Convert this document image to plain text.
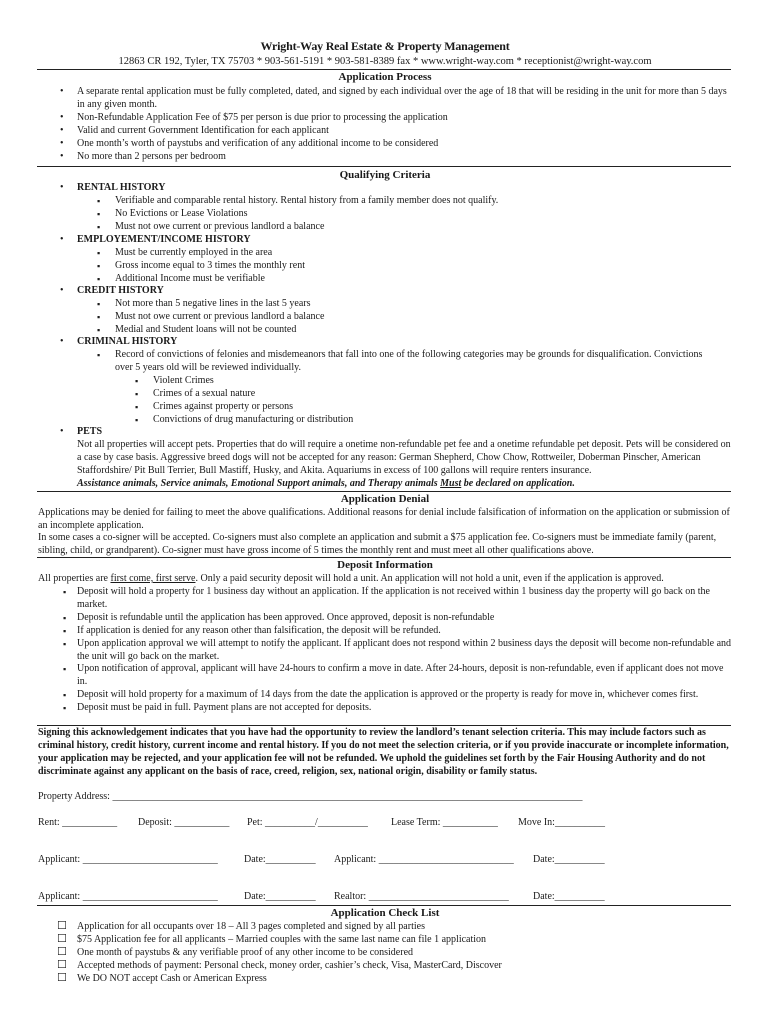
Wright-Way Real Estate & Property Management
12863 CR 192, Tyler, TX 75703 * 903-561-5191 * 903-581-8389 fax * www.wright-way.com * receptionist@wright-way.com
Application Process
• A separate rental application must be fully completed, dated, and signed by each individual over the age of 18 that will be residing in the unit for more than 5 days in any given month.
• Non-Refundable Application Fee of $75 per person is due prior to processing the application
• Valid and current Government Identification for each applicant
• One month’s worth of paystubs and verification of any additional income to be considered
• No more than 2 persons per bedroom
Qualifying Criteria
• RENTAL HISTORY
▪ Verifiable and comparable rental history. Rental history from a family member does not qualify.
▪ No Evictions or Lease Violations
▪ Must not owe current or previous landlord a balance
• EMPLOYEMENT/INCOME HISTORY
▪ Must be currently employed in the area
▪ Gross income equal to 3 times the monthly rent
▪ Additional Income must be verifiable
• CREDIT HISTORY
▪ Not more than 5 negative lines in the last 5 years
▪ Must not owe current or previous landlord a balance
▪ Medial and Student loans will not be counted
• CRIMINAL HISTORY
▪ Record of convictions of felonies and misdemeanors that fall into one of the following categories may be grounds for disqualification. Convictions over 5 years old will be reviewed individually.
▪ Violent Crimes
▪ Crimes of a sexual nature
▪ Crimes against property or persons
▪ Convictions of drug manufacturing or distribution
• PETS
Not all properties will accept pets. Properties that do will require a onetime non-refundable pet fee and a onetime refundable pet deposit. Pets will be considered on a case by case basis. Aggressive breed dogs will not be accepted for any reason: German Shepherd, Chow Chow, Rottweiler, Doberman Pinscher, American Staffordshire/ Pit Bull Terrier, Bull Mastiff, Husky, and Akita. Aquariums in excess of 100 gallons will require renters insurance.
Assistance animals, Service animals, Emotional Support animals, and Therapy animals Must be declared on application.
Application Denial
Applications may be denied for failing to meet the above qualifications. Additional reasons for denial include falsification of information on the application or submission of an incomplete application.
In some cases a co-signer will be accepted. Co-signers must also complete an application and submit a $75 application fee. Co-signers must be immediate family (parent, sibling, child, or grandparent). Co-signer must have gross income of 5 times the monthly rent and must meet all other qualifications above.
Deposit Information
All properties are first come, first serve. Only a paid security deposit will hold a unit. An application will not hold a unit, even if the application is approved.
▪ Deposit will hold a property for 1 business day without an application. If the application is not received within 1 business day the property will go back on the market.
▪ Deposit is refundable until the application has been approved. Once approved, deposit is non-refundable
▪ If application is denied for any reason other than falsification, the deposit will be refunded.
▪ Upon application approval we will attempt to notify the applicant. If applicant does not respond within 2 business days the deposit will become non-refundable and the unit will go back on the market.
▪ Upon notification of approval, applicant will have 24-hours to confirm a move in date. After 24-hours, deposit is non-refundable, even if applicant does not move in.
▪ Deposit will hold property for a maximum of 14 days from the date the application is approved or the property is ready for move in, whichever comes first.
▪ Deposit must be paid in full. Payment plans are not accepted for deposits.
Signing this acknowledgement indicates that you have had the opportunity to review the landlord’s tenant selection criteria. This may include factors such as criminal history, credit history, current income and rental history. If you do not meet the selection criteria, or if you provide inaccurate or incomplete information, your application may be rejected, and your application fee will not be refunded. We uphold the guidelines set forth by the Fair Housing Authority and do not discriminate against any applicant on the basis of race, creed, religion, sex, national origin, disability or family status.
Property Address: ______________________________________________________________________________________________
Rent: ___________ Deposit: ___________ Pet: __________/__________ Lease Term: ___________ Move In:__________
Applicant: ___________________________	Date:__________ Applicant: ___________________________ Date:__________
Applicant: ___________________________	Date:__________ Realtor: ____________________________ Date:__________
Application Check List
☐ Application for all occupants over 18 – All 3 pages completed and signed by all parties
☐ $75 Application fee for all applicants – Married couples with the same last name can file 1 application
☐ One month of paystubs & any verifiable proof of any other income to be considered
☐ Accepted methods of payment: Personal check, money order, cashier’s check, Visa, MasterCard, Discover
☐ We DO NOT accept Cash or American Express
